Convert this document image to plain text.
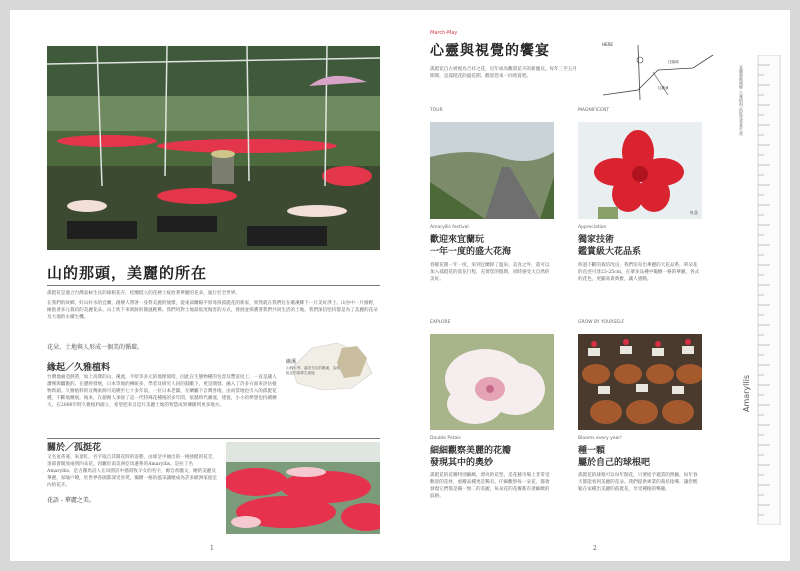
山的那頭，美麗的所在

孤挺花是適合台灣氣候生長的球根花卉，桂蘭挺立的花梗上綻放著華麗的花朵，風行於全世界。

在我們的故鄉，好山好水的宜蘭，創辦人帶著一身對美麗的憧憬，從東部蘭陽平原尋找孤挺花的新家，果然就在我們位在礁溪鄉下一片美好淨土。山谷中一片綠野，擁抱著多元栽培的美麗花朵。山上吹下來新鮮的微風輕拂。我們用對土地最低度傷害的方式，發展並保護著我們共同生活的土地。我們深信堅持都是為了美麗的花朵及大地的永續生機。

花朵、土地與人形成一個美的循環。

緣起／久雅植料

台灣地處亞熱帶，加上高聳的山，溪流，平原等多元的地理環境，因此在生態物種的包容及豐富度上，一直是讓人讚嘆與驕傲的。在歷經發展，日本等地的傳統多，學者及研究人員的鼓勵下，更是開發、融入了許多方面來評估植物新創。久雅植料的宣傳東源可追溯至七十多年前，一位日本老闆，在蘭屬下自灣各地，由而當地也引入的孤挺花種，不斷地擴展。後來，在創辦人承接了這一代特殊花種後的多年間，依循時代潮流，建置，小小的夢想也持續擴大。在2006年時久雅植料創立，希望把來自這片美麗土地的智慧成果傳播到更多地方。

礁溪
山明水秀，溫泉充足的礁溪，為孤挺花的重要生產地
關於／孤挺花

又名並蒂蓮、朱頂紅。名字取自其開花時的姿態，由球莖中抽出的一根強健的花莖，頂部會開放兩到四朵花。因屬於南美洲亞馬遜系的Amaryllis。是拉丁名Amaryllis，是古羅馬詩人在田園詩中描寫牧羊女的名字，源自希臘文，她的美麗及華麗，家喻戶曉，於世界各國都深受喜愛，獨樹一格的風采讓她成為許多歐洲家庭室內的花卉。

花語 - 華麗之美。

1
March-May
心靈與視覺的饗宴

孤挺花自古被視為吉祥之花，近年成為觀賞花卉的新寵兒。每年三至五月期間，是孤挺花的盛花期，歡迎您來一同欣賞吧。

HERE
往頭城
往礁溪
TOUR
Amaryllis festival
歡迎來宜蘭玩
一年一度的盛大花海

春暖花開一年一度，來到宜蘭除了溫泉、美食之外，還可以加入孤挺花的賞花行程，充實您的假期，同時感受大自然的美好。

EXPLORE
Double Petals
細細觀察美麗的花瓣
發現其中的奧妙

孤挺花的花瓣特別細緻，漂亮的花型，是花藝市場上非常受歡迎的花材，重瓣品種更是稀有。仔細觀察每一朵花，都會發現它們都是獨一無二的美麗，每朵花的花瓣都有著細緻的紋路。

MAGNIFICENT
紅品
Appreciation
獨家技術
鑑賞級大花品系

經過不斷的栽培改良，我們培育出華麗的大花品系，單朵花的直徑可達23-25cm，在眾多品種中獨樹一格的華麗。各式的花色，更顯高貴典雅，讓人感動。

GROW BY YOURSELF
Blooms every year!
種一顆
屬於自己的球根吧

孤挺花的球根可以每年開花，只要給予適當的照顧，每年春天都能看到美麗的花朵。我們提供專業的栽培指導，讓您輕鬆在家種出美麗的孤挺花，享受種植的樂趣。

宜蘭縣礁溪鄉 久雅植料 孤挺花專業生產
Amaryllis
2
